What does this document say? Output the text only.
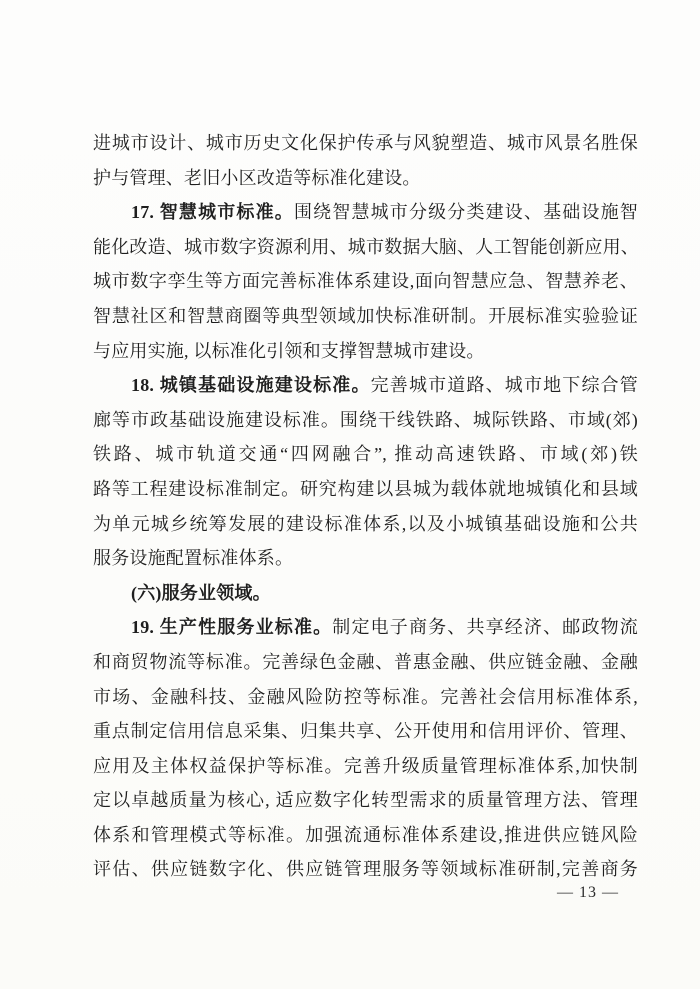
进城市设计、城市历史文化保护传承与风貌塑造、城市风景名胜保
护与管理、老旧小区改造等标准化建设。
17. 智慧城市标准。围绕智慧城市分级分类建设、基础设施智
能化改造、城市数字资源利用、城市数据大脑、人工智能创新应用、
城市数字孪生等方面完善标准体系建设,面向智慧应急、智慧养老、
智慧社区和智慧商圈等典型领域加快标准研制。开展标准实验验证
与应用实施, 以标准化引领和支撑智慧城市建设。
18. 城镇基础设施建设标准。完善城市道路、城市地下综合管
廊等市政基础设施建设标准。围绕干线铁路、城际铁路、市域(郊)
铁路、城市轨道交通“四网融合”, 推动高速铁路、市域(郊)铁
路等工程建设标准制定。研究构建以县城为载体就地城镇化和县域
为单元城乡统筹发展的建设标准体系,以及小城镇基础设施和公共
服务设施配置标准体系。
(六)服务业领域。
19. 生产性服务业标准。制定电子商务、共享经济、邮政物流
和商贸物流等标准。完善绿色金融、普惠金融、供应链金融、金融
市场、金融科技、金融风险防控等标准。完善社会信用标准体系,
重点制定信用信息采集、归集共享、公开使用和信用评价、管理、
应用及主体权益保护等标准。完善升级质量管理标准体系,加快制
定以卓越质量为核心, 适应数字化转型需求的质量管理方法、管理
体系和管理模式等标准。加强流通标准体系建设,推进供应链风险
评估、供应链数字化、供应链管理服务等领域标准研制,完善商务
— 13 —
